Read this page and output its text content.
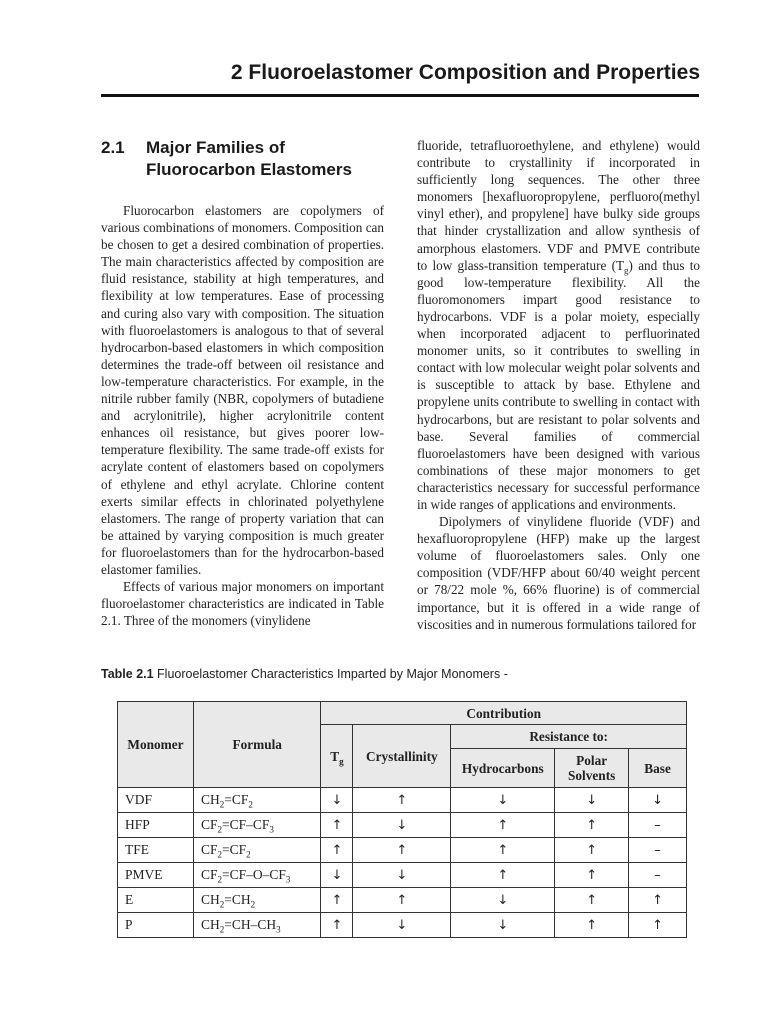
2 Fluoroelastomer Composition and Properties
2.1	Major Families of
Fluorocarbon Elastomers

Fluorocarbon elastomers are copolymers of various combinations of monomers. Composition can be chosen to get a desired combination of properties. The main characteristics affected by composition are fluid resistance, stability at high temperatures, and flexibility at low temperatures. Ease of processing and curing also vary with composition. The situation with fluoroelastomers is analogous to that of several hydrocarbon-based elastomers in which composition determines the trade-off between oil resistance and low-temperature characteristics. For example, in the nitrile rubber family (NBR, copolymers of butadiene and acrylonitrile), higher acrylonitrile content enhances oil resistance, but gives poorer low-temperature flexibility. The same trade-off exists for acrylate content of elastomers based on copolymers of ethylene and ethyl acrylate. Chlorine content exerts similar effects in chlorinated polyethylene elastomers. The range of property variation that can be attained by varying composition is much greater for fluoroelastomers than for the hydrocarbon-based elastomer families.

Effects of various major monomers on important fluoroelastomer characteristics are indicated in Table 2.1. Three of the monomers (vinylidene

fluoride, tetrafluoroethylene, and ethylene) would contribute to crystallinity if incorporated in sufficiently long sequences. The other three monomers [hexafluoropropylene, perfluoro(methyl vinyl ether), and propylene] have bulky side groups that hinder crystallization and allow synthesis of amorphous elastomers. VDF and PMVE contribute to low glass-transition temperature $(T_g)$ and thus to good low-temperature flexibility. All the fluoromonomers impart good resistance to hydrocarbons. VDF is a polar moiety, especially when incorporated adjacent to perfluorinated monomer units, so it contributes to swelling in contact with low molecular weight polar solvents and is susceptible to attack by base. Ethylene and propylene units contribute to swelling in contact with hydrocarbons, but are resistant to polar solvents and base. Several families of commercial fluoroelastomers have been designed with various combinations of these major monomers to get characteristics necessary for successful performance in wide ranges of applications and environments.

Dipolymers of vinylidene fluoride (VDF) and hexafluoropropylene (HFP) make up the largest volume of fluoroelastomers sales. Only one composition (VDF/HFP about 60/40 weight percent or 78/22 mole %, 66% fluorine) is of commercial importance, but it is offered in a wide range of viscosities and in numerous formulations tailored for

Table 2.1 Fluoroelastomer Characteristics Imparted by Major Monomers -
Monomer	Formula	Contribution				
		$T_g$	Crystallinity	Resistance to:		
				Hydrocarbons	Polar Solvents	Base
VDF	$CH_2=CF_2$	↓	↑	↓	↓	↓
HFP	$CF_2=CF-CF_3$	↑	↓	↑	↑	–
TFE	$CF_2=CF_2$	↑	↑	↑	↑	–
PMVE	$CF_2=CF-O-CF_3$	↓	↓	↑	↑	–
E	$CH_2=CH_2$	↑	↑	↓	↑	↑
P	$CH_2=CH-CH_3$	↑	↓	↓	↑	↑
